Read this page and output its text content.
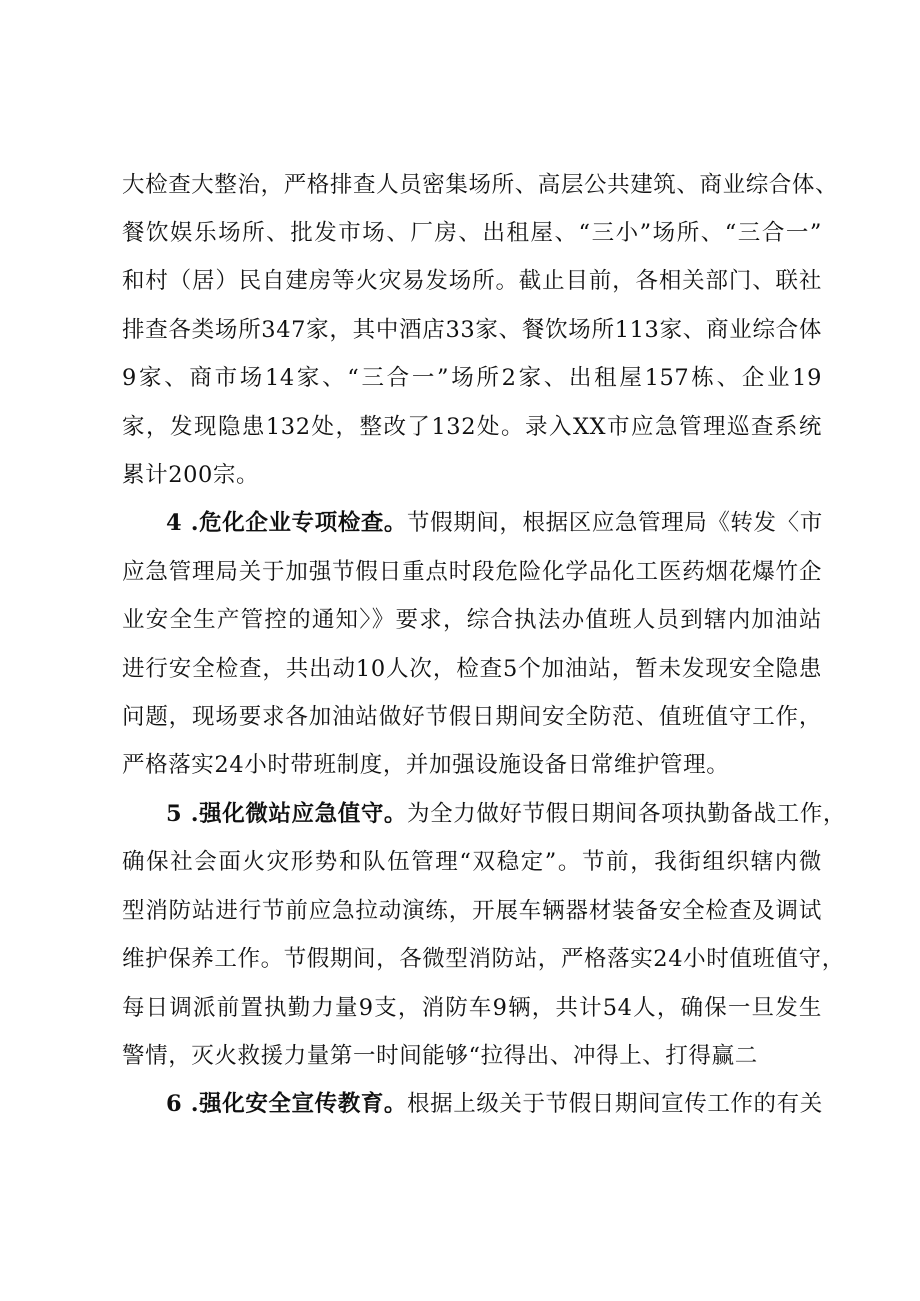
大检查大整治，严格排查人员密集场所、高层公共建筑、商业综合体、
餐饮娱乐场所、批发市场、厂房、出租屋、“三小”场所、“三合一”
和村（居）民自建房等火灾易发场所。截止目前，各相关部门、联社
排查各类场所347家，其中酒店33家、餐饮场所113家、商业综合体
9家、商市场14家、“三合一”场所2家、出租屋157栋、企业19
家，发现隐患132处，整改了132处。录入XX市应急管理巡查系统
累计200宗。
4 .危化企业专项检查。节假期间，根据区应急管理局《转发〈市
应急管理局关于加强节假日重点时段危险化学品化工医药烟花爆竹企
业安全生产管控的通知〉》要求，综合执法办值班人员到辖内加油站
进行安全检查，共出动10人次，检查5个加油站，暂未发现安全隐患
问题，现场要求各加油站做好节假日期间安全防范、值班值守工作，
严格落实24小时带班制度，并加强设施设备日常维护管理。
5 .强化微站应急值守。为全力做好节假日期间各项执勤备战工作，
确保社会面火灾形势和队伍管理“双稳定”。节前，我街组织辖内微
型消防站进行节前应急拉动演练，开展车辆器材装备安全检查及调试
维护保养工作。节假期间，各微型消防站，严格落实24小时值班值守，
每日调派前置执勤力量9支，消防车9辆，共计54人，确保一旦发生
警情，灭火救援力量第一时间能够“拉得出、冲得上、打得赢二
6 .强化安全宣传教育。根据上级关于节假日期间宣传工作的有关
